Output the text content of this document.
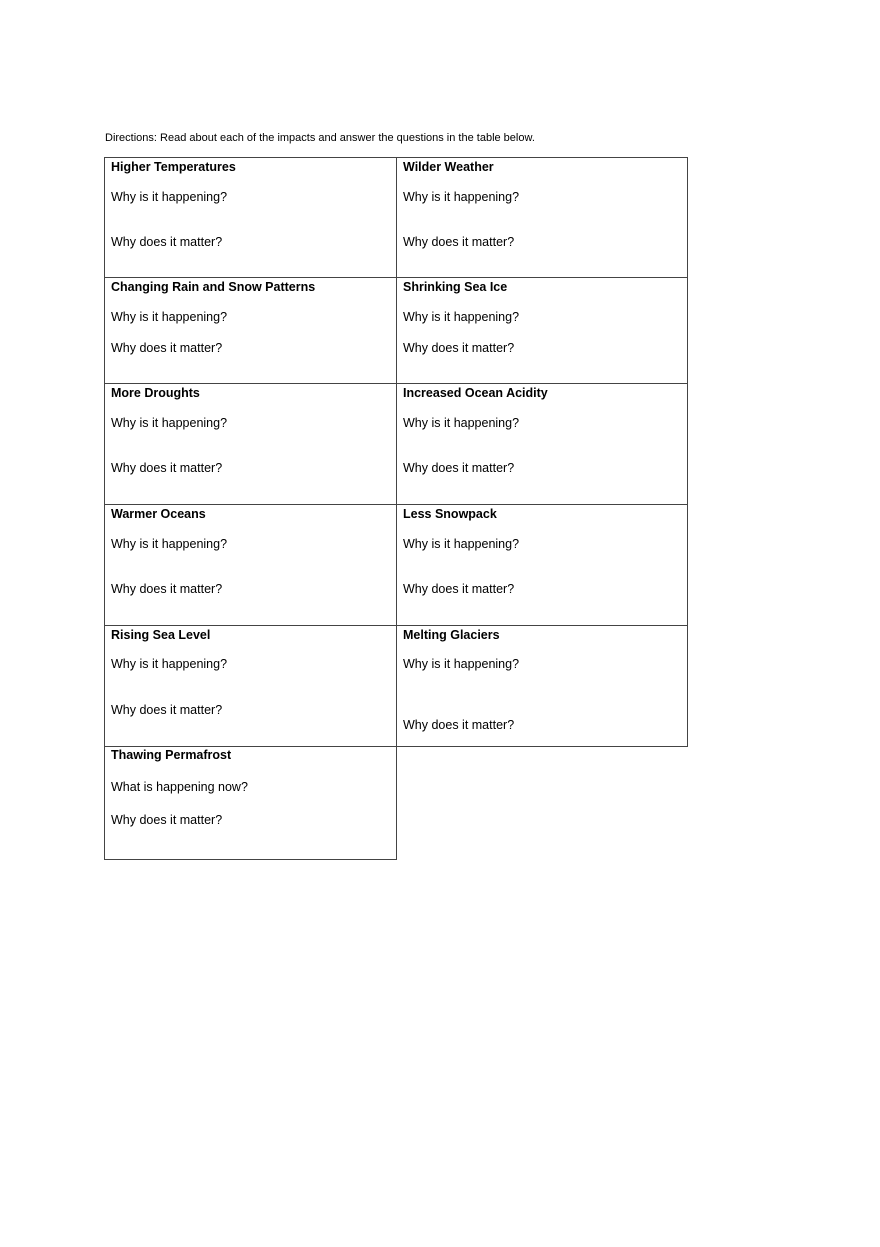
Directions: Read about each of the impacts and answer the questions in the table below.
Higher Temperatures
Why is it happening?
Why does it matter?
Wilder Weather
Why is it happening?
Why does it matter?
Changing Rain and Snow Patterns
Why is it happening?
Why does it matter?
Shrinking Sea Ice
Why is it happening?
Why does it matter?
More Droughts
Why is it happening?
Why does it matter?
Increased Ocean Acidity
Why is it happening?
Why does it matter?
Warmer Oceans
Why is it happening?
Why does it matter?
Less Snowpack
Why is it happening?
Why does it matter?
Rising Sea Level
Why is it happening?
Why does it matter?
Melting Glaciers
Why is it happening?
Why does it matter?
Thawing Permafrost
What is happening now?
Why does it matter?
